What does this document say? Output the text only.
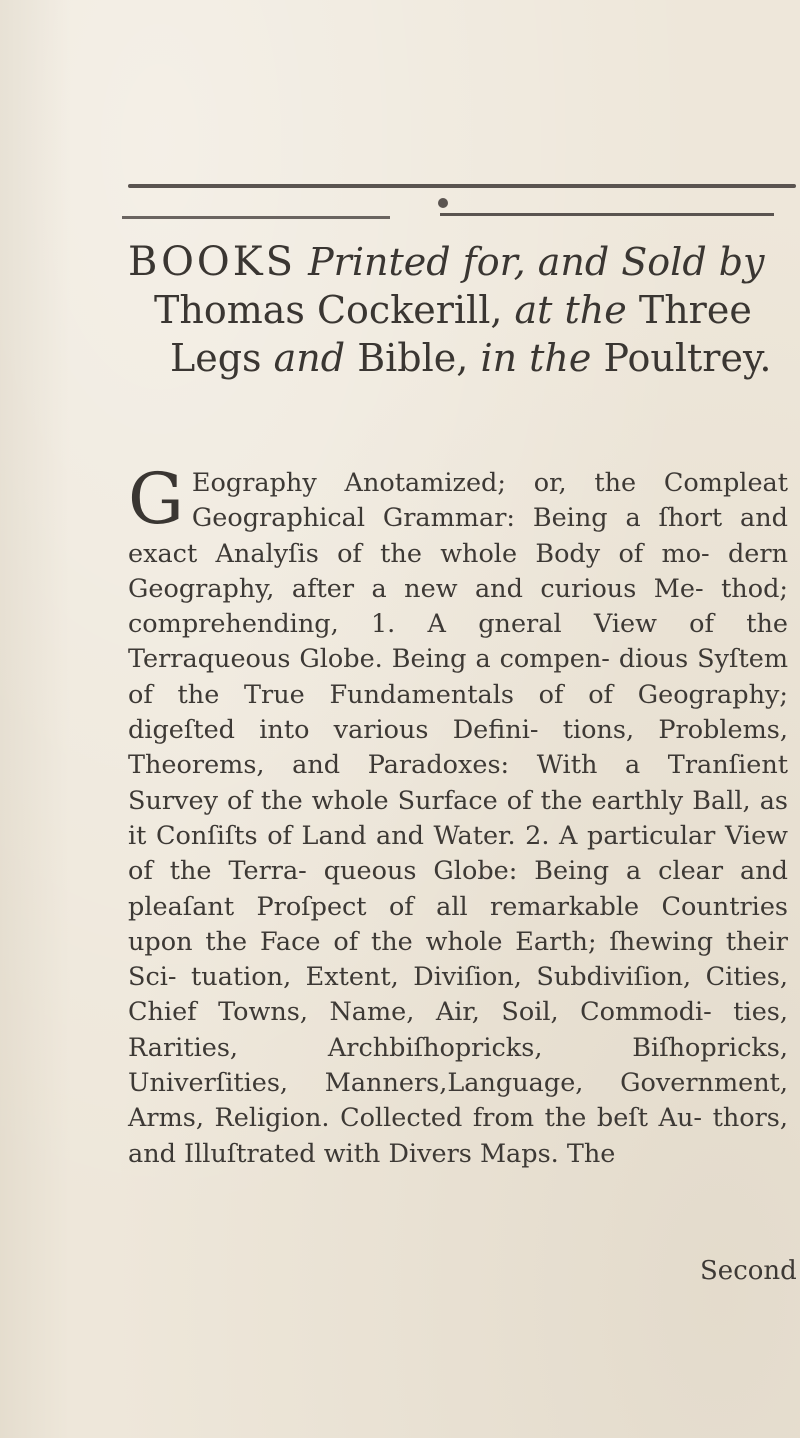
BOOKS Printed for, and Sold by
Thomas Cockerill, at the Three
Legs and Bible, in the Poultrey.
G Eography Anotamized; or, the Compleat Geographical Grammar: Being a ſhort and exact Analyſis of the whole Body of mo- dern Geography, after a new and curious Me- thod; comprehending, 1. A gneral View of the Terraqueous Globe. Being a compen- dious Syſtem of the True Fundamentals of of Geography; digeſted into various Defini- tions, Problems, Theorems, and Paradoxes: With a Tranſient Survey of the whole Surface of the earthly Ball, as it Conſiſts of Land and Water. 2. A particular View of the Terra- queous Globe: Being a clear and pleaſant Proſpect of all remarkable Countries upon the Face of the whole Earth; ſhewing their Sci- tuation, Extent, Diviſion, Subdiviſion, Cities, Chief Towns, Name, Air, Soil, Commodi- ties, Rarities, Archbiſhopricks, Biſhopricks, Univerſities, Manners,Language, Government, Arms, Religion. Collected from the beſt Au- thors, and Illuſtrated with Divers Maps. The
Second
